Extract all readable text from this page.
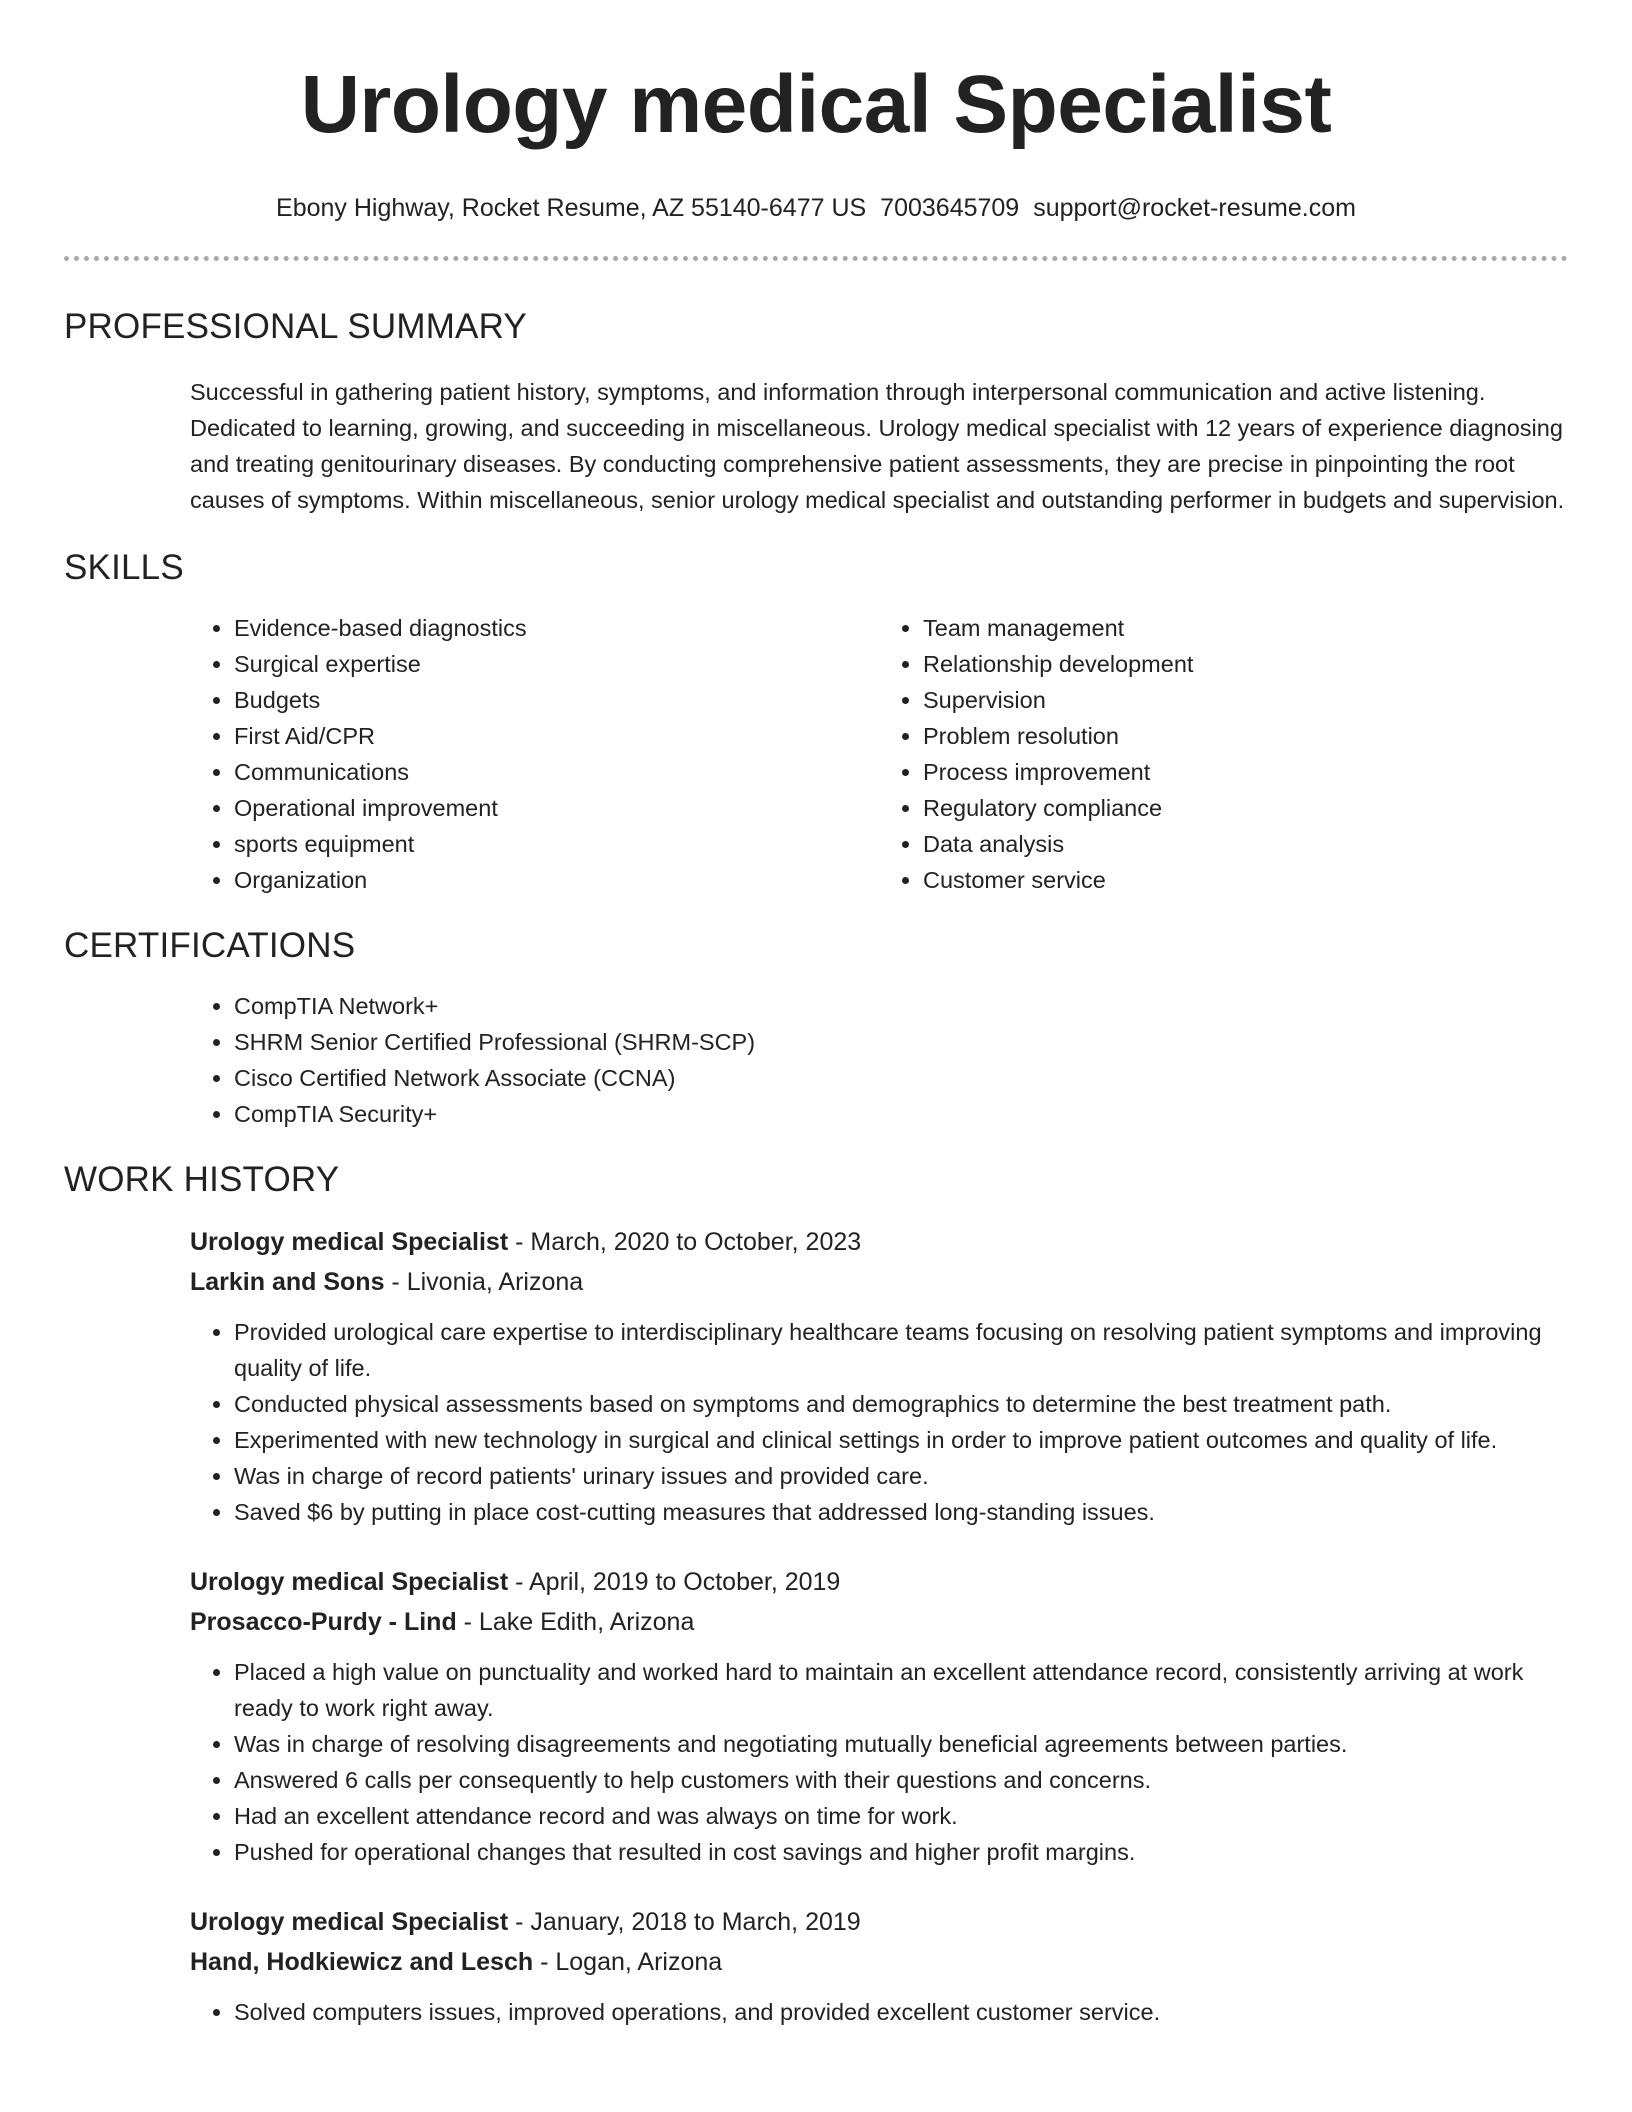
Urology medical Specialist
Ebony Highway, Rocket Resume, AZ 55140-6477 US 7003645709 support@rocket-resume.com
PROFESSIONAL SUMMARY

Successful in gathering patient history, symptoms, and information through interpersonal communication and active listening. Dedicated to learning, growing, and succeeding in miscellaneous. Urology medical specialist with 12 years of experience diagnosing and treating genitourinary diseases. By conducting comprehensive patient assessments, they are precise in pinpointing the root causes of symptoms. Within miscellaneous, senior urology medical specialist and outstanding performer in budgets and supervision.

SKILLS
• Evidence-based diagnostics
• Surgical expertise
• Budgets
• First Aid/CPR
• Communications
• Operational improvement
• sports equipment
• Organization
• Team management
• Relationship development
• Supervision
• Problem resolution
• Process improvement
• Regulatory compliance
• Data analysis
• Customer service
CERTIFICATIONS
• CompTIA Network+
• SHRM Senior Certified Professional (SHRM-SCP)
• Cisco Certified Network Associate (CCNA)
• CompTIA Security+
WORK HISTORY
Urology medical Specialist - March, 2020 to October, 2023
Larkin and Sons - Livonia, Arizona
• Provided urological care expertise to interdisciplinary healthcare teams focusing on resolving patient symptoms and improving quality of life.
• Conducted physical assessments based on symptoms and demographics to determine the best treatment path.
• Experimented with new technology in surgical and clinical settings in order to improve patient outcomes and quality of life.
• Was in charge of record patients' urinary issues and provided care.
• Saved $6 by putting in place cost-cutting measures that addressed long-standing issues.
Urology medical Specialist - April, 2019 to October, 2019
Prosacco-Purdy - Lind - Lake Edith, Arizona
• Placed a high value on punctuality and worked hard to maintain an excellent attendance record, consistently arriving at work ready to work right away.
• Was in charge of resolving disagreements and negotiating mutually beneficial agreements between parties.
• Answered 6 calls per consequently to help customers with their questions and concerns.
• Had an excellent attendance record and was always on time for work.
• Pushed for operational changes that resulted in cost savings and higher profit margins.
Urology medical Specialist - January, 2018 to March, 2019
Hand, Hodkiewicz and Lesch - Logan, Arizona
• Solved computers issues, improved operations, and provided excellent customer service.
